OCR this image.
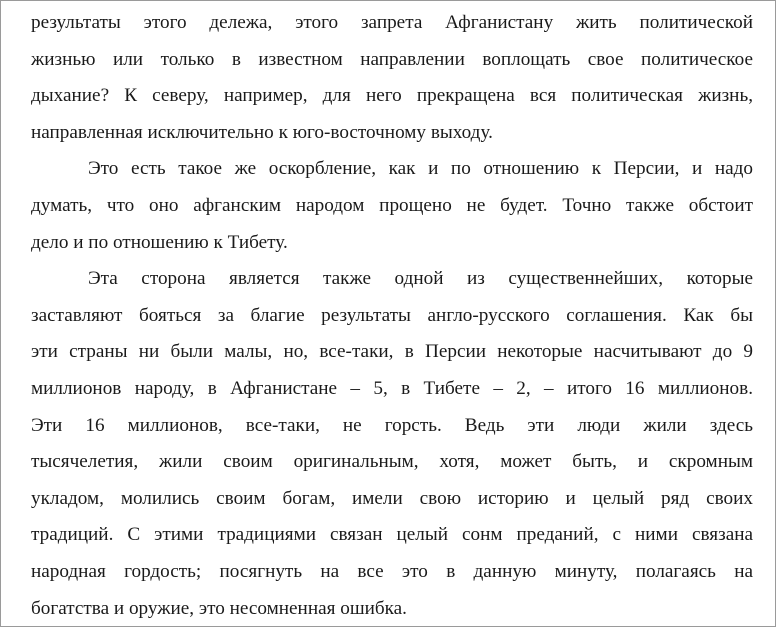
результаты этого дележа, этого запрета Афганистану жить политической
жизнью или только в известном направлении воплощать свое политическое
дыхание? К северу, например, для него прекращена вся политическая жизнь,
направленная исключительно к юго-восточному выходу.
Это есть такое же оскорбление, как и по отношению к Персии, и надо
думать, что оно афганским народом прощено не будет. Точно также обстоит
дело и по отношению к Тибету.
Эта сторона является также одной из существеннейших, которые
заставляют бояться за благие результаты англо-русского соглашения. Как бы
эти страны ни были малы, но, все-таки, в Персии некоторые насчитывают до 9
миллионов народу, в Афганистане – 5, в Тибете – 2, – итого 16 миллионов.
Эти 16 миллионов, все-таки, не горсть. Ведь эти люди жили здесь
тысячелетия, жили своим оригинальным, хотя, может быть, и скромным
укладом, молились своим богам, имели свою историю и целый ряд своих
традиций. С этими традициями связан целый сонм преданий, с ними связана
народная гордость; посягнуть на все это в данную минуту, полагаясь на
богатства и оружие, это несомненная ошибка.
